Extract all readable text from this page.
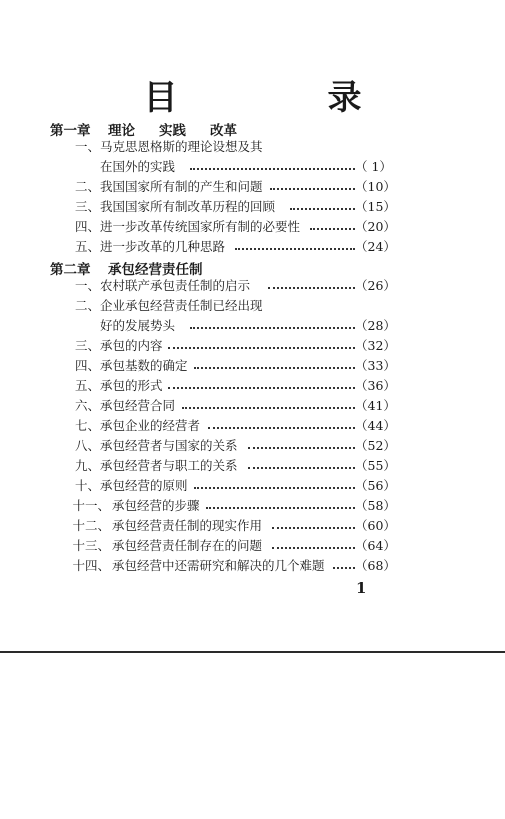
目　录
第一章 理论 实践 改革
一、 马克思恩格斯的理论设想及其
在国外的实践	（ 1）
二、 我国国家所有制的产生和问题	（10）
三、 我国国家所有制改革历程的回顾	（15）
四、 进一步改革传统国家所有制的必要性	（20）
五、 进一步改革的几种思路	（24）
第二章 承包经营责任制
一、 农村联产承包责任制的启示	（26）
二、 企业承包经营责任制已经出现
好的发展势头	（28）
三、 承包的内容	（32）
四、 承包基数的确定	（33）
五、 承包的形式	（36）
六、 承包经营合同	（41）
七、 承包企业的经营者	（44）
八、 承包经营者与国家的关系	（52）
九、 承包经营者与职工的关系	（55）
十、 承包经营的原则	（56）
十一、 承包经营的步骤	（58）
十二、 承包经营责任制的现实作用	（60）
十三、 承包经营责任制存在的问题	（64）
十四、 承包经营中还需研究和解决的几个难题 （68）
1
